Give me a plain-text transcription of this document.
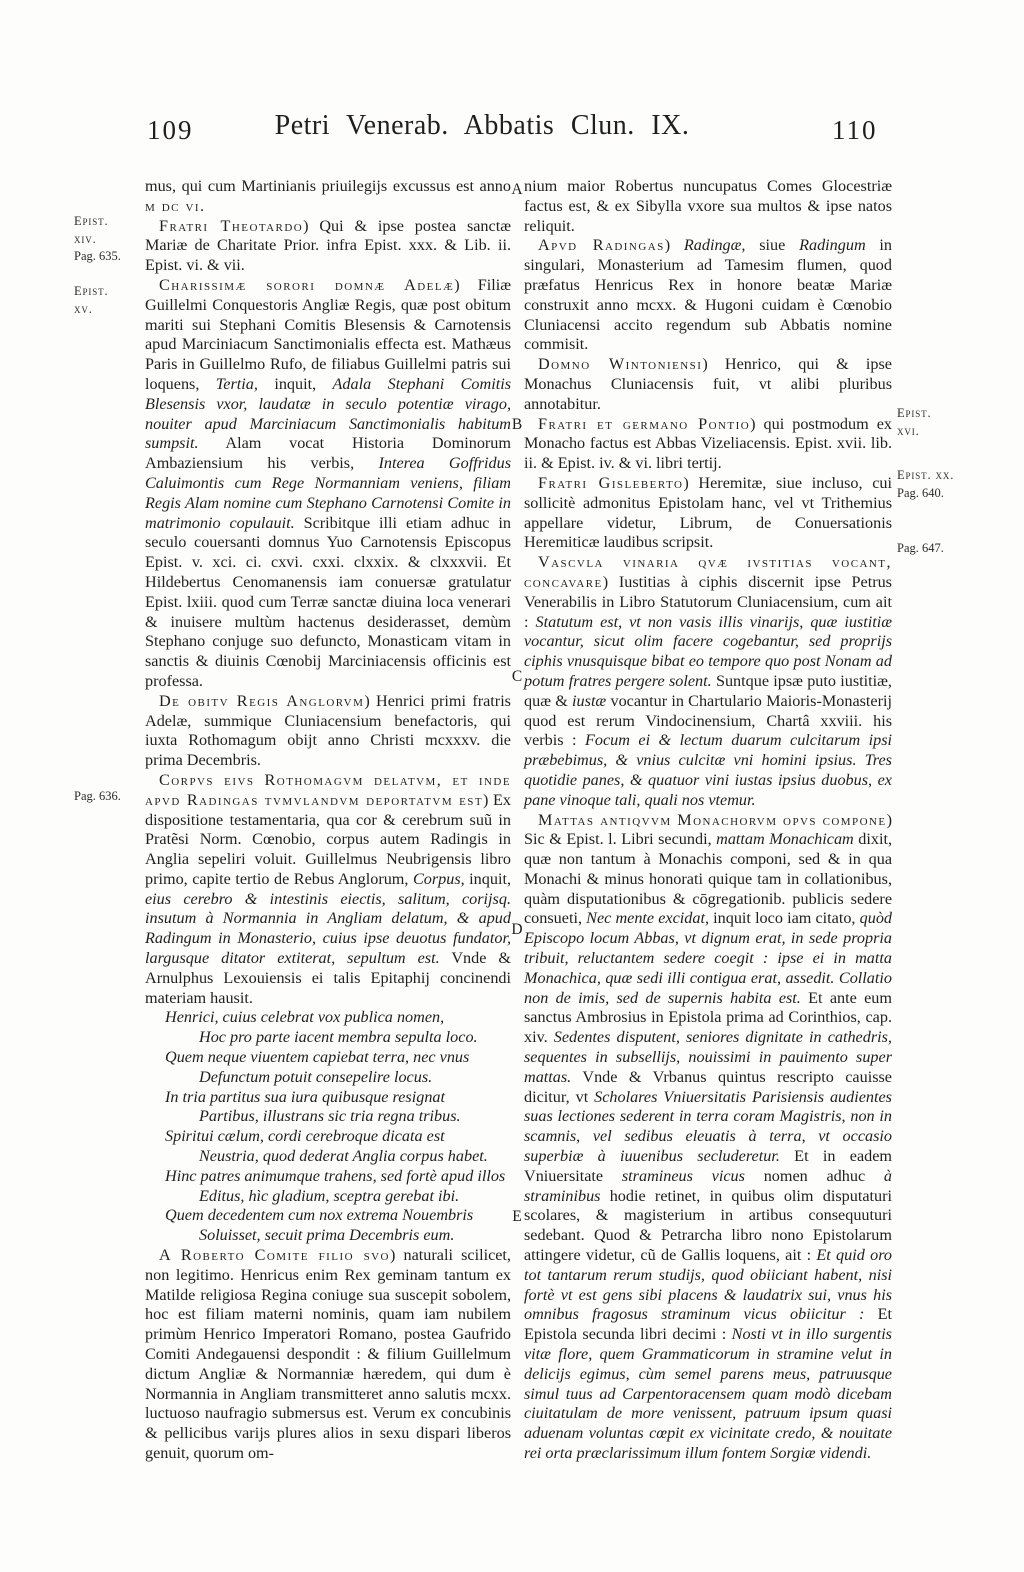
109	Petri Venerab. Abbatis Clun. IX.	110

mus, qui cum Martinianis priuilegijs excussus est anno m dc vi.

Fratri Theotardo) Qui & ipse postea sanctæ Mariæ de Charitate Prior. infra Epist. xxx. & Lib. ii. Epist. vi. & vii.

Charissimæ sorori domnæ Adelæ) Filiæ Guillelmi Conquestoris Angliæ Regis, quæ post obitum mariti sui Stephani Comitis Blesensis & Carnotensis apud Marciniacum Sanctimonialis effecta est. Mathæus Paris in Guillelmo Rufo, de filiabus Guillelmi patris sui loquens, Tertia, inquit, Adala Stephani Comitis Blesensis vxor, laudatæ in seculo potentiæ virago, nouiter apud Marciniacum Sanctimonialis habitum sumpsit. Alam vocat Historia Dominorum Ambaziensium his verbis, Interea Goffridus Caluimontis cum Rege Normanniam veniens, filiam Regis Alam nomine cum Stephano Carnotensi Comite in matrimonio copulauit. Scribitque illi etiam adhuc in seculo couersanti domnus Yuo Carnotensis Episcopus Epist. v. xci. ci. cxvi. cxxi. clxxix. & clxxxvii. Et Hildebertus Cenomanensis iam conuersæ gratulatur Epist. lxiii. quod cum Terræ sanctæ diuina loca venerari & inuisere multùm hactenus desiderasset, demùm Stephano conjuge suo defuncto, Monasticam vitam in sanctis & diuinis Cœnobij Marciniacensis officinis est professa.

De obitv Regis Anglorvm) Henrici primi fratris Adelæ, summique Cluniacensium benefactoris, qui iuxta Rothomagum obijt anno Christi mcxxxv. die prima Decembris.

Corpvs eivs Rothomagvm delatvm, et inde apvd Radingas tvmvlandvm deportatvm est) Ex dispositione testamentaria, qua cor & cerebrum suũ in Pratẽsi Norm. Cœnobio, corpus autem Radingis in Anglia sepeliri voluit. Guillelmus Neubrigensis libro primo, capite tertio de Rebus Anglorum, Corpus, inquit, eius cerebro & intestinis eiectis, salitum, corijsq. insutum à Normannia in Angliam delatum, & apud Radingum in Monasterio, cuius ipse deuotus fundator, largusque ditator extiterat, sepultum est. Vnde & Arnulphus Lexouiensis ei talis Epitaphij concinendi materiam hausit.

Henrici, cuius celebrat vox publica nomen,

Hoc pro parte iacent membra sepulta loco.

Quem neque viuentem capiebat terra, nec vnus

Defunctum potuit consepelire locus.

In tria partitus sua iura quibusque resignat

Partibus, illustrans sic tria regna tribus.

Spiritui cælum, cordi cerebroque dicata est

Neustria, quod dederat Anglia corpus habet.

Hinc patres animumque trahens, sed fortè apud illos

Editus, hìc gladium, sceptra gerebat ibi.

Quem decedentem cum nox extrema Nouembris

Soluisset, secuit prima Decembris eum.

A Roberto Comite filio svo) naturali scilicet, non legitimo. Henricus enim Rex geminam tantum ex Matilde religiosa Regina coniuge sua suscepit sobolem, hoc est filiam materni nominis, quam iam nubilem primùm Henrico Imperatori Romano, postea Gaufrido Comiti Andegauensi despondit : & filium Guillelmum dictum Angliæ & Normanniæ hæredem, qui dum è Normannia in Angliam transmitteret anno salutis mcxx. luctuoso naufragio submersus est. Verum ex concubinis & pellicibus varijs plures alios in sexu dispari liberos genuit, quorum om-

nium maior Robertus nuncupatus Comes Glocestriæ factus est, & ex Sibylla vxore sua multos & ipse natos reliquit.

Apvd Radingas) Radingæ, siue Radingum in singulari, Monasterium ad Tamesim flumen, quod præfatus Henricus Rex in honore beatæ Mariæ construxit anno mcxx. & Hugoni cuidam è Cœnobio Cluniacensi accito regendum sub Abbatis nomine commisit.

Domno Wintoniensi) Henrico, qui & ipse Monachus Cluniacensis fuit, vt alibi pluribus annotabitur.

Fratri et germano Pontio) qui postmodum ex Monacho factus est Abbas Vizeliacensis. Epist. xvii. lib. ii. & Epist. iv. & vi. libri tertij.

Fratri Gisleberto) Heremitæ, siue incluso, cui sollicitè admonitus Epistolam hanc, vel vt Trithemius appellare videtur, Librum, de Conuersationis Heremiticæ laudibus scripsit.

Vascvla vinaria qvæ ivstitias vocant, concavare) Iustitias à ciphis discernit ipse Petrus Venerabilis in Libro Statutorum Cluniacensium, cum ait : Statutum est, vt non vasis illis vinarijs, quæ iustitiæ vocantur, sicut olim facere cogebantur, sed proprijs ciphis vnusquisque bibat eo tempore quo post Nonam ad potum fratres pergere solent. Suntque ipsæ puto iustitiæ, quæ & iustæ vocantur in Chartulario Maioris-Monasterij quod est rerum Vindocinensium, Chartâ xxviii. his verbis : Focum ei & lectum duarum culcitarum ipsi præbebimus, & vnius culcitæ vni homini ipsius. Tres quotidie panes, & quatuor vini iustas ipsius duobus, ex pane vinoque tali, quali nos vtemur.

Mattas antiqvvm Monachorvm opvs compone) Sic & Epist. l. Libri secundi, mattam Monachicam dixit, quæ non tantum à Monachis componi, sed & in qua Monachi & minus honorati quique tam in collationibus, quàm disputationibus & cōgregationib. publicis sedere consueti, Nec mente excidat, inquit loco iam citato, quòd Episcopo locum Abbas, vt dignum erat, in sede propria tribuit, reluctantem sedere coegit : ipse ei in matta Monachica, quæ sedi illi contigua erat, assedit. Collatio non de imis, sed de supernis habita est. Et ante eum sanctus Ambrosius in Epistola prima ad Corinthios, cap. xiv. Sedentes disputent, seniores dignitate in cathedris, sequentes in subsellijs, nouissimi in pauimento super mattas. Vnde & Vrbanus quintus rescripto cauisse dicitur, vt Scholares Vniuersitatis Parisiensis audientes suas lectiones sederent in terra coram Magistris, non in scamnis, vel sedibus eleuatis à terra, vt occasio superbiæ à iuuenibus secluderetur. Et in eadem Vniuersitate stramineus vicus nomen adhuc à straminibus hodie retinet, in quibus olim disputaturi scolares, & magisterium in artibus consequuturi sedebant. Quod & Petrarcha libro nono Epistolarum attingere videtur, cũ de Gallis loquens, ait : Et quid oro tot tantarum rerum studijs, quod obiiciant habent, nisi fortè vt est gens sibi placens & laudatrix sui, vnus his omnibus fragosus straminum vicus obiicitur : Et Epistola secunda libri decimi : Nosti vt in illo surgentis vitæ flore, quem Grammaticorum in stramine velut in delicijs egimus, cùm semel parens meus, patruusque simul tuus ad Carpentoracensem quam modò dicebam ciuitatulam de more venissent, patruum ipsum quasi aduenam voluntas cœpit ex vicinitate credo, & nouitate rei orta præclarissimum illum fontem Sorgiæ videndi.

A
B
C
D
E
Epist.
xiv.
Pag. 635.
Epist.
xv.
Pag. 636.
Epist.
xvi.
Epist. xx.
Pag. 640.
Pag. 647.
